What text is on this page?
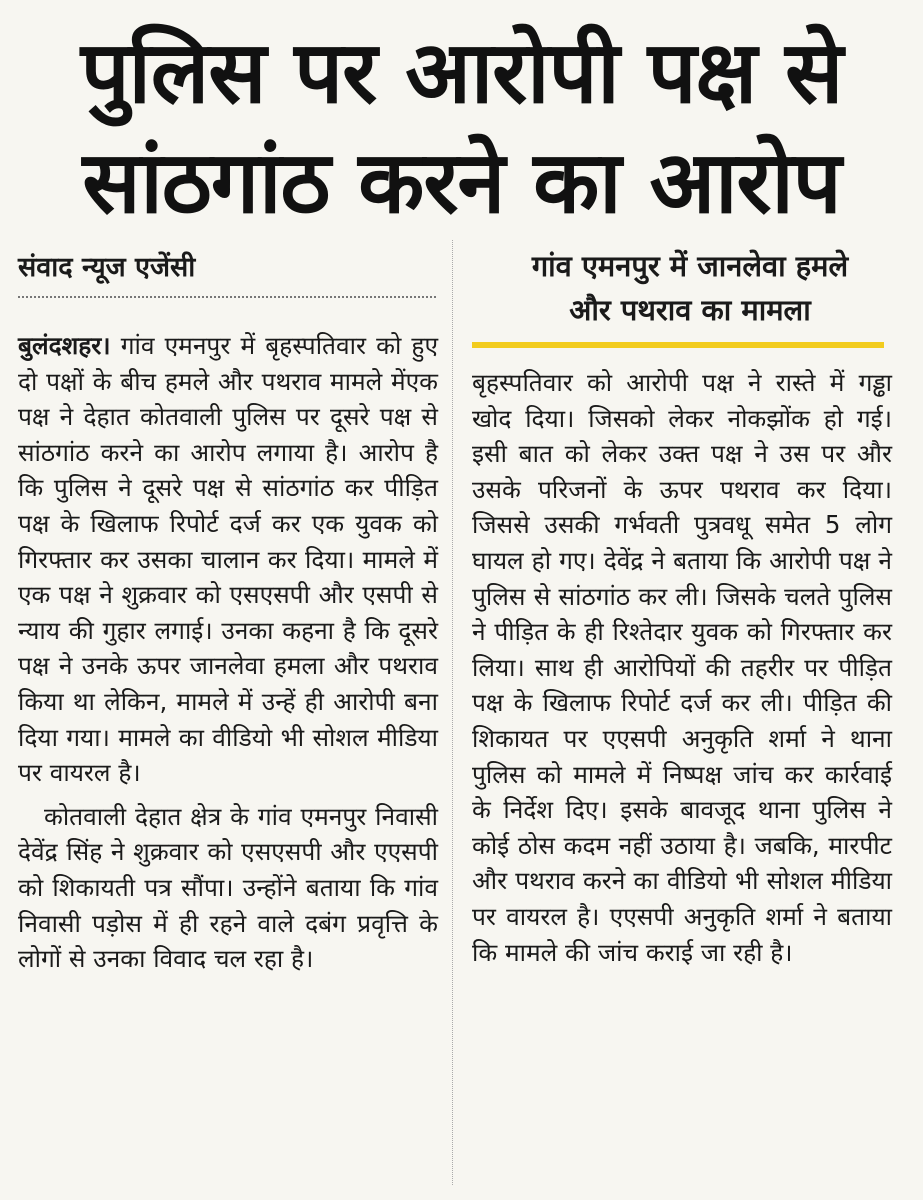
पुलिस पर आरोपी पक्ष से
सांठगांठ करने का आरोप
संवाद न्यूज एजेंसी	गांव एमनपुर में जानलेवा हमले
और पथराव का मामला

बुलंदशहर। गांव एमनपुर में बृहस्पतिवार को हुए दो पक्षों के बीच हमले और पथराव मामले मेंएक पक्ष ने देहात कोतवाली पुलिस पर दूसरे पक्ष से सांठगांठ करने का आरोप लगाया है। आरोप है कि पुलिस ने दूसरे पक्ष से सांठगांठ कर पीड़ित पक्ष के खिलाफ रिपोर्ट दर्ज कर एक युवक को गिरफ्तार कर उसका चालान कर दिया। मामले में एक पक्ष ने शुक्रवार को एसएसपी और एसपी से न्याय की गुहार लगाई। उनका कहना है कि दूसरे पक्ष ने उनके ऊपर जानलेवा हमला और पथराव किया था लेकिन, मामले में उन्हें ही आरोपी बना दिया गया। मामले का वीडियो भी सोशल मीडिया पर वायरल है।

कोतवाली देहात क्षेत्र के गांव एमनपुर निवासी देवेंद्र सिंह ने शुक्रवार को एसएसपी और एएसपी को शिकायती पत्र सौंपा। उन्होंने बताया कि गांव निवासी पड़ोस में ही रहने वाले दबंग प्रवृत्ति के लोगों से उनका विवाद चल रहा है।

बृहस्पतिवार को आरोपी पक्ष ने रास्ते में गड्ढा खोद दिया। जिसको लेकर नोकझोंक हो गई। इसी बात को लेकर उक्त पक्ष ने उस पर और उसके परिजनों के ऊपर पथराव कर दिया। जिससे उसकी गर्भवती पुत्रवधू समेत 5 लोग घायल हो गए। देवेंद्र ने बताया कि आरोपी पक्ष ने पुलिस से सांठगांठ कर ली। जिसके चलते पुलिस ने पीड़ित के ही रिश्तेदार युवक को गिरफ्तार कर लिया। साथ ही आरोपियों की तहरीर पर पीड़ित पक्ष के खिलाफ रिपोर्ट दर्ज कर ली। पीड़ित की शिकायत पर एएसपी अनुकृति शर्मा ने थाना पुलिस को मामले में निष्पक्ष जांच कर कार्रवाई के निर्देश दिए। इसके बावजूद थाना पुलिस ने कोई ठोस कदम नहीं उठाया है। जबकि, मारपीट और पथराव करने का वीडियो भी सोशल मीडिया पर वायरल है। एएसपी अनुकृति शर्मा ने बताया कि मामले की जांच कराई जा रही है।
